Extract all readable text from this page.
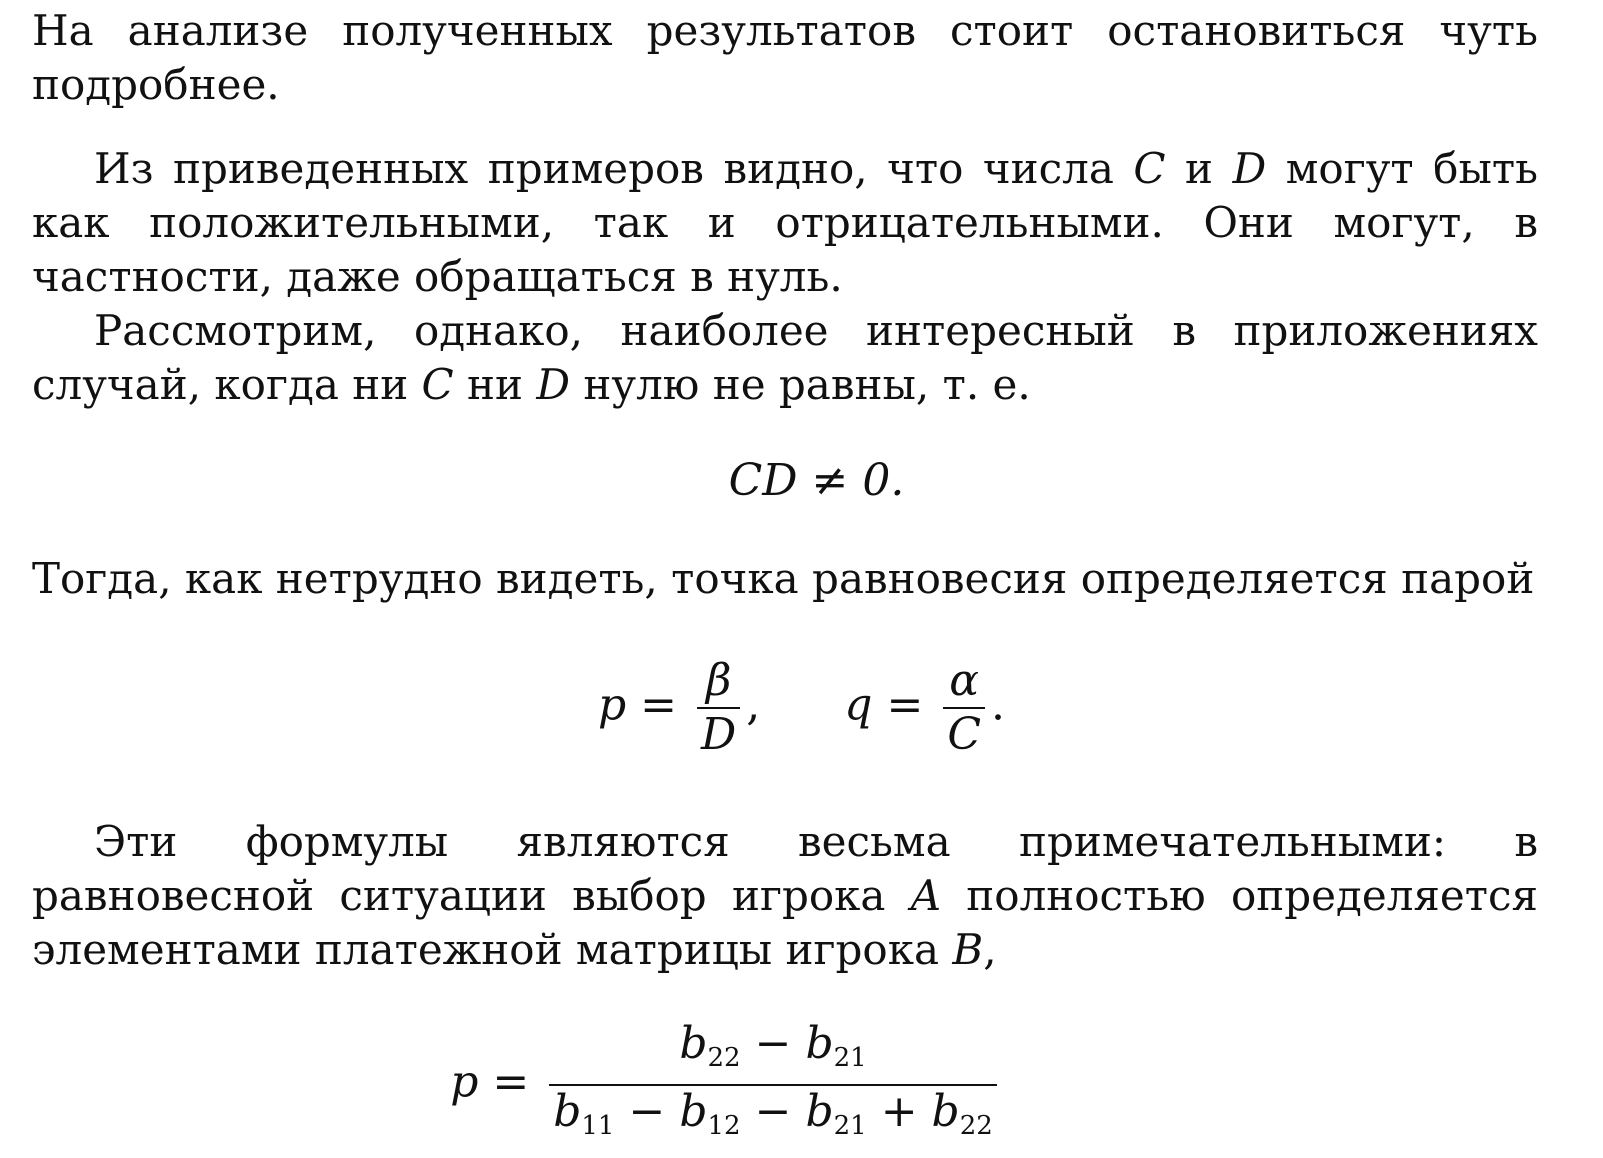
На анализе полученных результатов стоит остановиться чуть подробнее.

Из приведенных примеров видно, что числа C и D могут быть как положительными, так и отрицательными. Они могут, в частности, даже обращаться в нуль.

Рассмотрим, однако, наиболее интересный в приложениях случай, когда ни C ни D нулю не равны, т. е.

CD ≠ 0.

Тогда, как нетрудно видеть, точка равновесия определяется парой

$p = \frac{\beta}{D}$ , $q = \frac{\alpha}{C}$ .

Эти формулы являются весьма примечательными: в равновесной ситуации выбор игрока A полностью определяется элементами платежной матрицы игрока B,

$p = \frac{b_{22} - b_{21}}{b_{11} - b_{12} - b_{21} + b_{22}}$
